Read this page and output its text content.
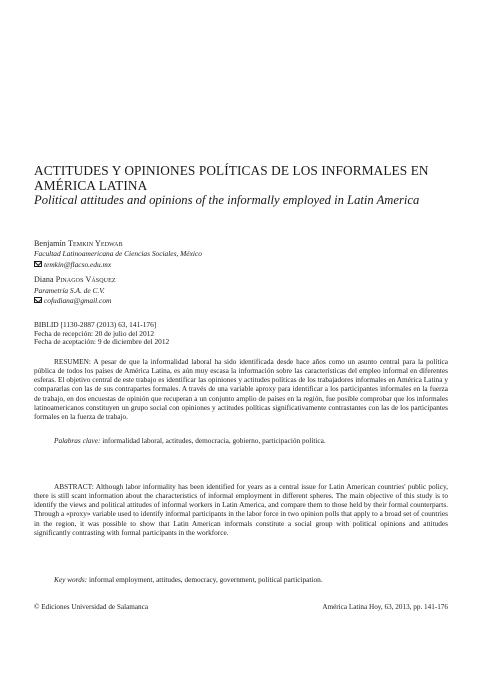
ACTITUDES Y OPINIONES POLÍTICAS DE LOS INFORMALES EN AMÉRICA LATINA
Political attitudes and opinions of the informally employed in Latin America
Benjamín Temkin Yedwab
Facultad Latinoamericana de Ciencias Sociales, México
temkin@flacso.edu.mx
Diana Pinagos Vásquez
Parametría S.A. de C.V.
cofudiana@gmail.com
BIBLID [1130-2887 (2013) 63, 141-176]
Fecha de recepción: 20 de julio del 2012
Fecha de aceptación: 9 de diciembre del 2012

RESUMEN: A pesar de que la informalidad laboral ha sido identificada desde hace años como un asunto central para la política pública de todos los países de América Latina, es aún muy escasa la información sobre las características del empleo informal en diferentes esferas. El objetivo central de este trabajo es identificar las opiniones y actitudes políticas de los trabajadores informales en América Latina y compararlas con las de sus contrapartes formales. A través de una variable aproxy para identificar a los participantes informales en la fuerza de trabajo, en dos encuestas de opinión que recuperan a un conjunto amplio de países en la región, fue posible comprobar que los informales latinoamericanos constituyen un grupo social con opiniones y actitudes políticas significativamente contrastantes con las de los participantes formales en la fuerza de trabajo.

Palabras clave: informalidad laboral, actitudes, democracia, gobierno, participación política.

ABSTRACT: Although labor informality has been identified for years as a central issue for Latin American countries' public policy, there is still scant information about the characteristics of informal employment in different spheres. The main objective of this study is to identify the views and political attitudes of informal workers in Latin America, and compare them to those held by their formal counterparts. Through a «proxy» variable used to identify informal participants in the labor force in two opinion polls that apply to a broad set of countries in the region, it was possible to show that Latin American informals constitute a social group with political opinions and attitudes significantly contrasting with formal participants in the workforce.

Key words: informal employment, attitudes, democracy, government, political participation.

© Ediciones Universidad de Salamanca	América Latina Hoy, 63, 2013, pp. 141-176
